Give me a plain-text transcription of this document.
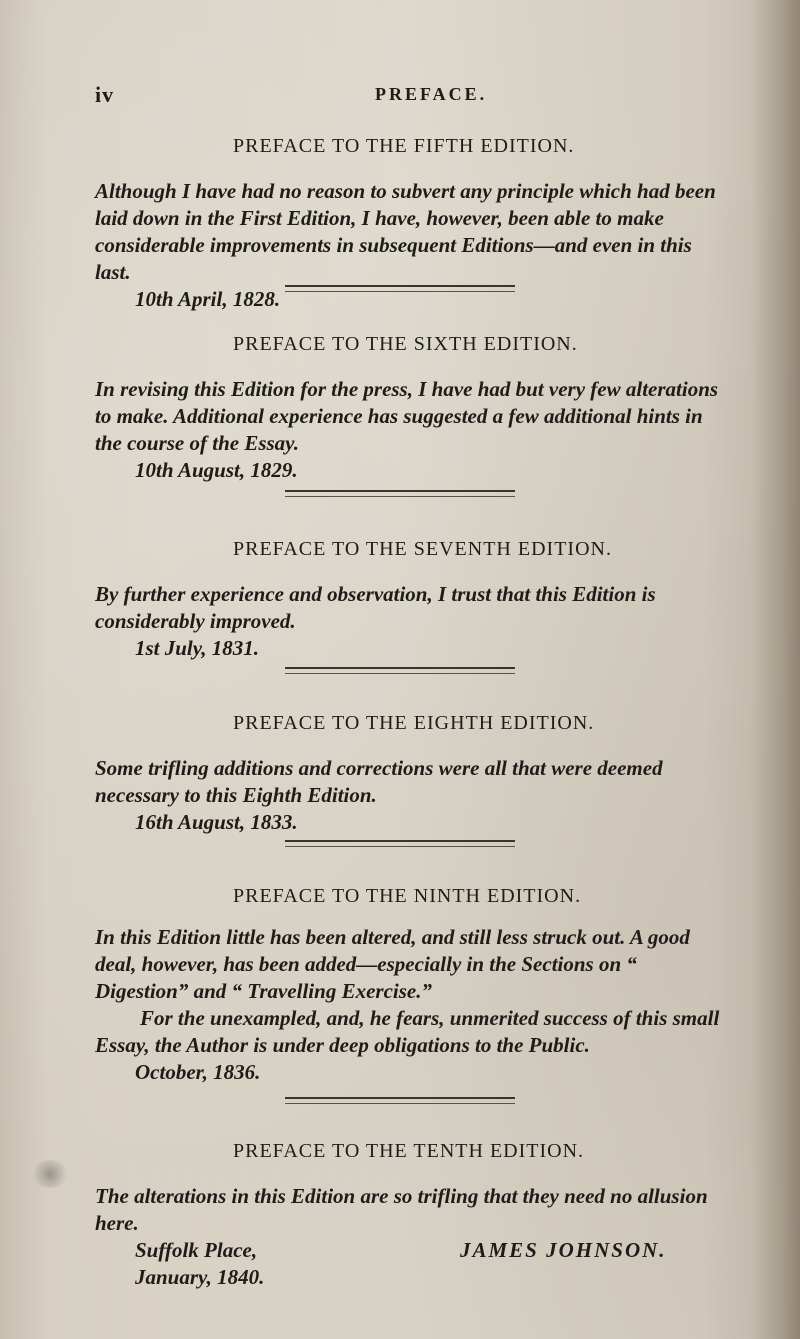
iv	PREFACE.
PREFACE TO THE FIFTH EDITION.

Although I have had no reason to subvert any principle which had been laid down in the First Edition, I have, however, been able to make considerable improvements in subsequent Editions—and even in this last.

10th April, 1828.

PREFACE TO THE SIXTH EDITION.

In revising this Edition for the press, I have had but very few alterations to make. Additional experience has suggested a few additional hints in the course of the Essay.

10th August, 1829.

PREFACE TO THE SEVENTH EDITION.

By further experience and observation, I trust that this Edition is considerably improved.

1st July, 1831.

PREFACE TO THE EIGHTH EDITION.

Some trifling additions and corrections were all that were deemed necessary to this Eighth Edition.

16th August, 1833.

PREFACE TO THE NINTH EDITION.

In this Edition little has been altered, and still less struck out. A good deal, however, has been added—especially in the Sections on “ Digestion” and “ Travelling Exercise.”

For the unexampled, and, he fears, unmerited success of this small Essay, the Author is under deep obligations to the Public.

October, 1836.

PREFACE TO THE TENTH EDITION.

The alterations in this Edition are so trifling that they need no allusion here.

Suffolk Place,	JAMES JOHNSON.

January, 1840.
